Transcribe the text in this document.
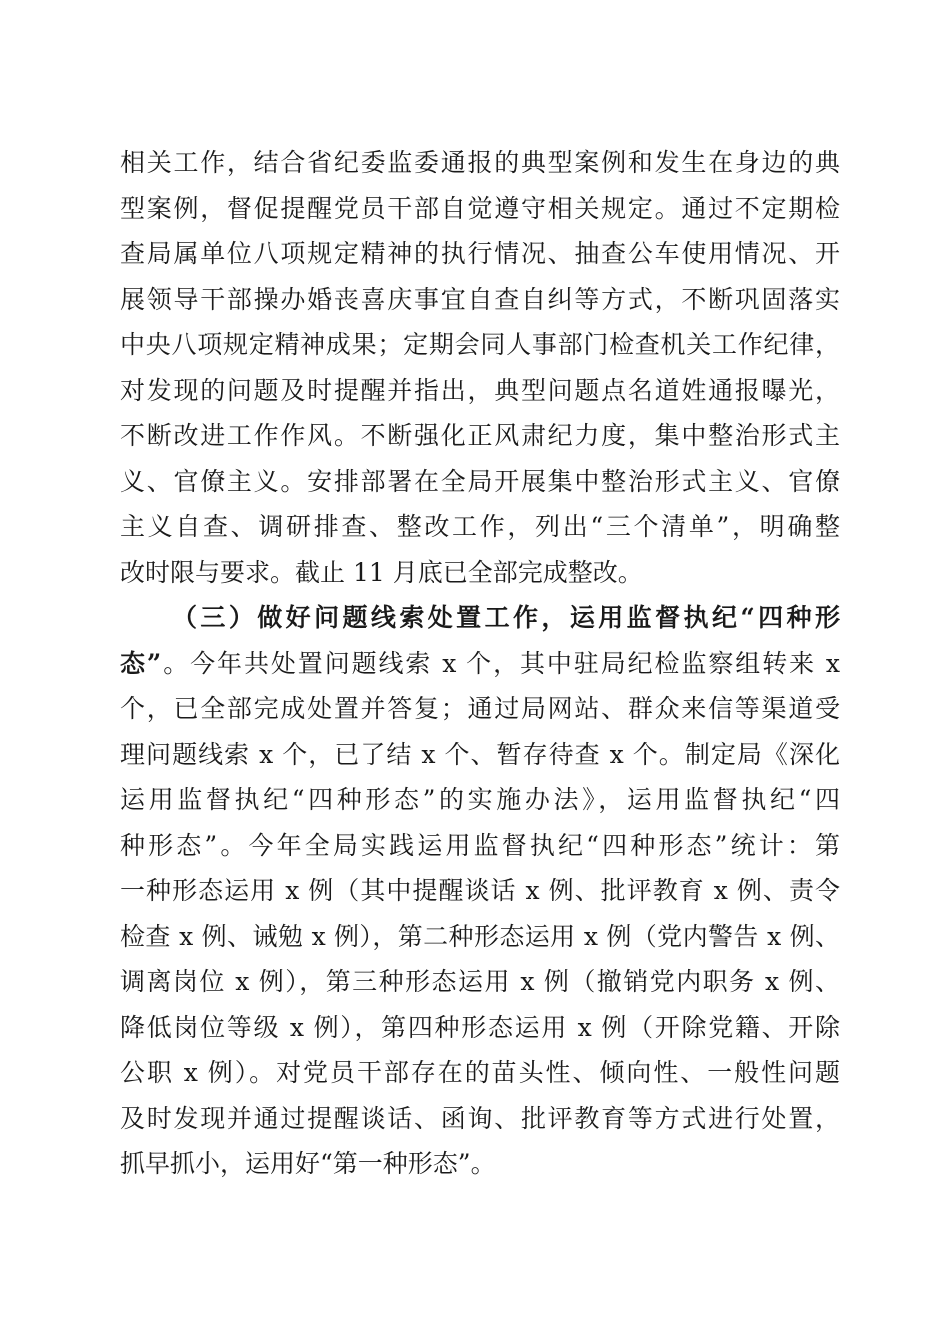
相关工作，结合省纪委监委通报的典型案例和发生在身边的典
型案例，督促提醒党员干部自觉遵守相关规定。通过不定期检
查局属单位八项规定精神的执行情况、抽查公车使用情况、开
展领导干部操办婚丧喜庆事宜自查自纠等方式，不断巩固落实
中央八项规定精神成果；定期会同人事部门检查机关工作纪律，
对发现的问题及时提醒并指出，典型问题点名道姓通报曝光，
不断改进工作作风。不断强化正风肃纪力度，集中整治形式主
义、官僚主义。安排部署在全局开展集中整治形式主义、官僚
主义自查、调研排查、整改工作，列出“三个清单”，明确整
改时限与要求。截止 11 月底已全部完成整改。
（三）做好问题线索处置工作，运用监督执纪“四种形
态”。今年共处置问题线索 x 个，其中驻局纪检监察组转来 x
个，已全部完成处置并答复；通过局网站、群众来信等渠道受
理问题线索 x 个，已了结 x 个、暂存待查 x 个。制定局《深化
运用监督执纪“四种形态”的实施办法》，运用监督执纪“四
种形态”。今年全局实践运用监督执纪“四种形态”统计：第
一种形态运用 x 例（其中提醒谈话 x 例、批评教育 x 例、责令
检查 x 例、诫勉 x 例），第二种形态运用 x 例（党内警告 x 例、
调离岗位 x 例），第三种形态运用 x 例（撤销党内职务 x 例、
降低岗位等级 x 例），第四种形态运用 x 例（开除党籍、开除
公职 x 例）。对党员干部存在的苗头性、倾向性、一般性问题
及时发现并通过提醒谈话、函询、批评教育等方式进行处置，
抓早抓小，运用好“第一种形态”。
